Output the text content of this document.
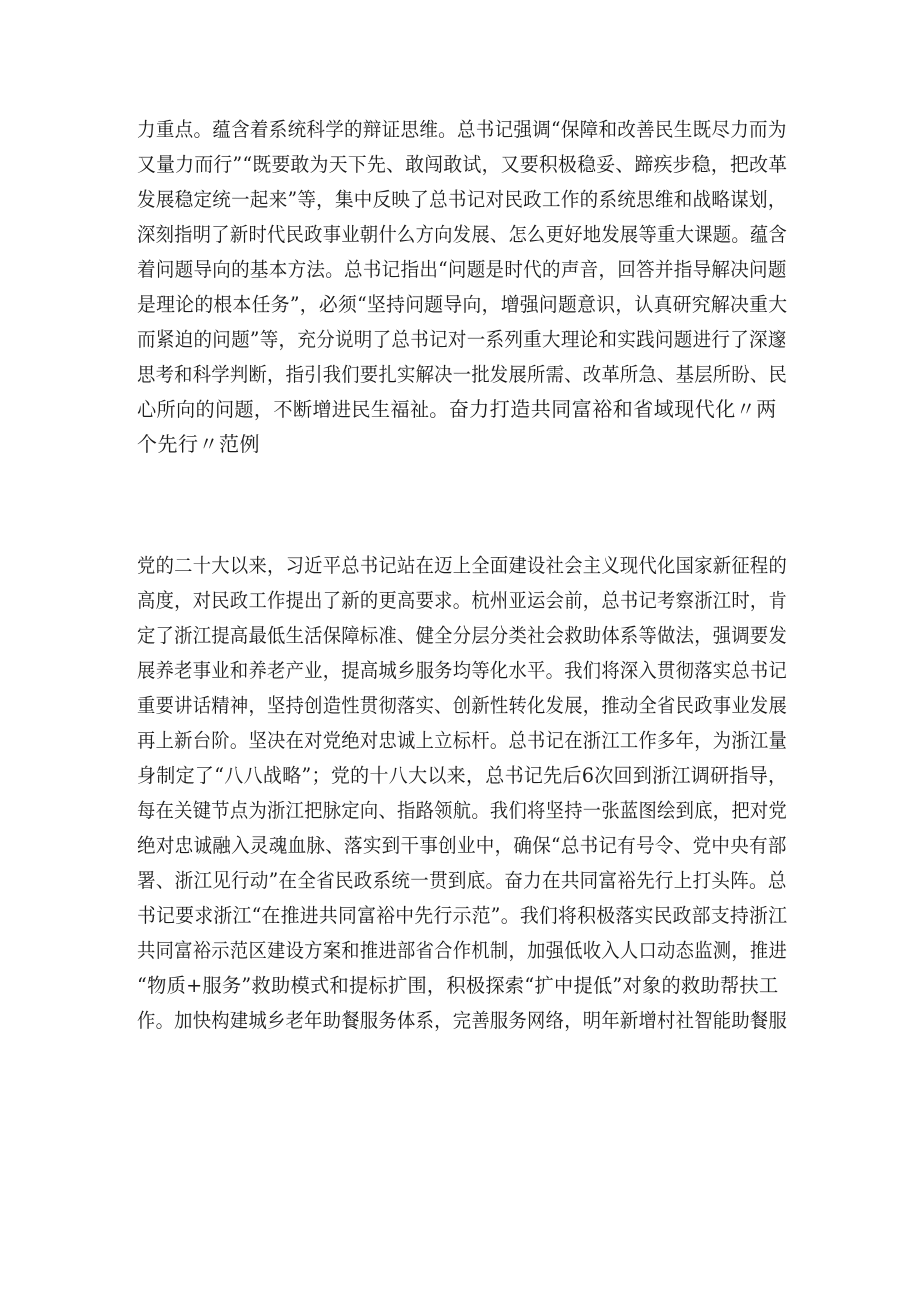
力重点。蕴含着系统科学的辩证思维。总书记强调“保障和改善民生既尽力而为
又量力而行”“既要敢为天下先、敢闯敢试，又要积极稳妥、蹄疾步稳，把改革
发展稳定统一起来”等，集中反映了总书记对民政工作的系统思维和战略谋划，
深刻指明了新时代民政事业朝什么方向发展、怎么更好地发展等重大课题。蕴含
着问题导向的基本方法。总书记指出“问题是时代的声音，回答并指导解决问题
是理论的根本任务”，必须“坚持问题导向，增强问题意识，认真研究解决重大
而紧迫的问题”等，充分说明了总书记对一系列重大理论和实践问题进行了深邃
思考和科学判断，指引我们要扎实解决一批发展所需、改革所急、基层所盼、民
心所向的问题，不断增进民生福祉。奋力打造共同富裕和省域现代化〃两
个先行〃范例
党的二十大以来，习近平总书记站在迈上全面建设社会主义现代化国家新征程的
高度，对民政工作提出了新的更高要求。杭州亚运会前，总书记考察浙江时，肯
定了浙江提高最低生活保障标准、健全分层分类社会救助体系等做法，强调要发
展养老事业和养老产业，提高城乡服务均等化水平。我们将深入贯彻落实总书记
重要讲话精神，坚持创造性贯彻落实、创新性转化发展，推动全省民政事业发展
再上新台阶。坚决在对党绝对忠诚上立标杆。总书记在浙江工作多年，为浙江量
身制定了“八八战略”；党的十八大以来，总书记先后6次回到浙江调研指导，
每在关键节点为浙江把脉定向、指路领航。我们将坚持一张蓝图绘到底，把对党
绝对忠诚融入灵魂血脉、落实到干事创业中，确保“总书记有号令、党中央有部
署、浙江见行动”在全省民政系统一贯到底。奋力在共同富裕先行上打头阵。总
书记要求浙江“在推进共同富裕中先行示范”。我们将积极落实民政部支持浙江
共同富裕示范区建设方案和推进部省合作机制，加强低收入人口动态监测，推进
“物质+服务”救助模式和提标扩围，积极探索“扩中提低”对象的救助帮扶工
作。加快构建城乡老年助餐服务体系，完善服务网络，明年新增村社智能助餐服
